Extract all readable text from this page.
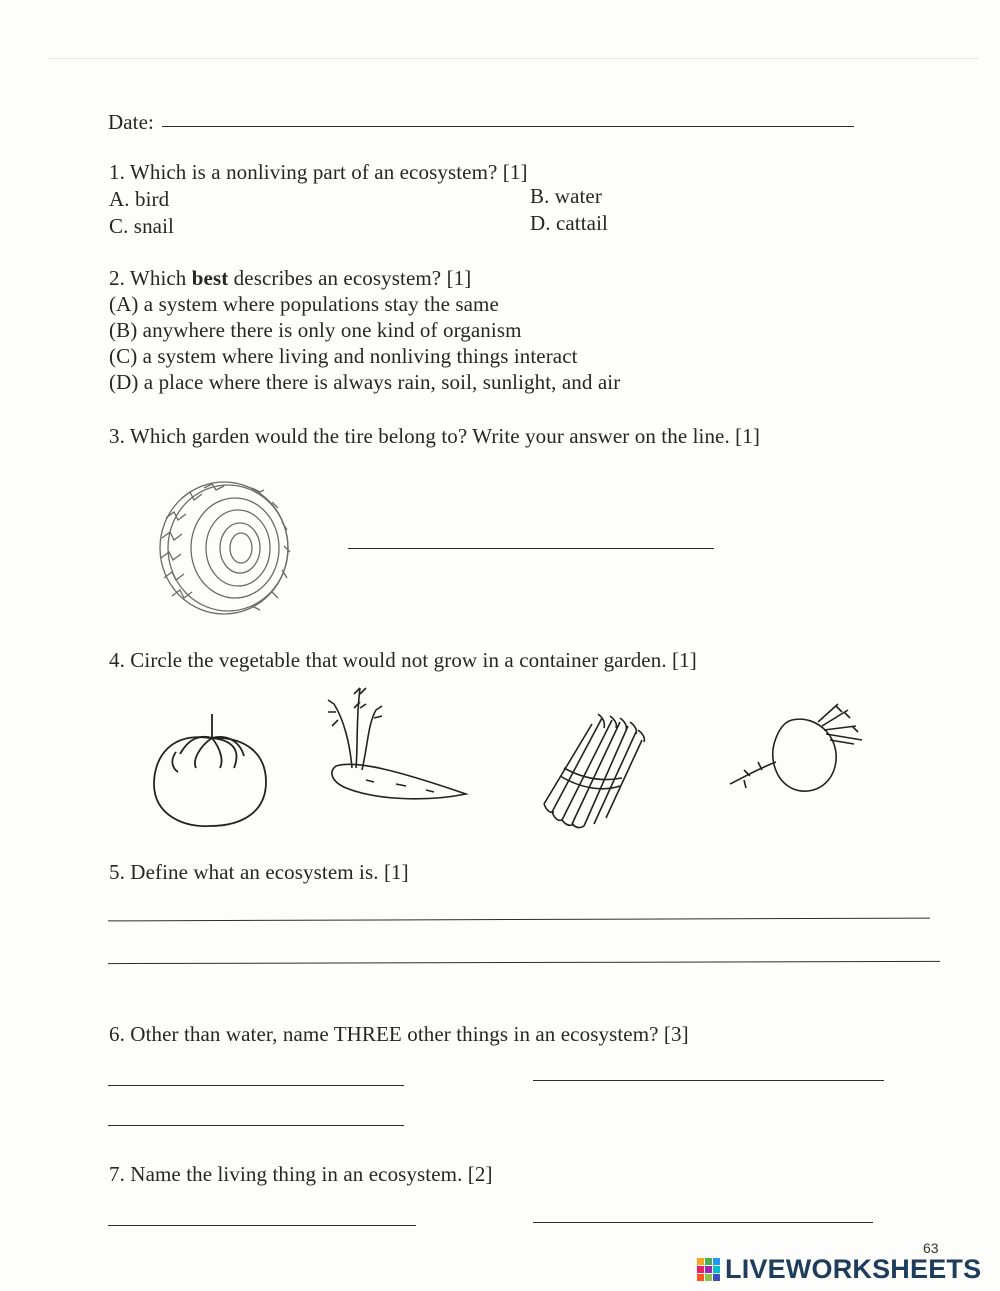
Date:
1. Which is a nonliving part of an ecosystem? [1]
A. bird	B. water
C. snail	D. cattail
2. Which best describes an ecosystem? [1]
(A) a system where populations stay the same
(B) anywhere there is only one kind of organism
(C) a system where living and nonliving things interact
(D) a place where there is always rain, soil, sunlight, and air
3. Which garden would the tire belong to? Write your answer on the line. [1]
4. Circle the vegetable that would not grow in a container garden. [1]
5. Define what an ecosystem is. [1]
6. Other than water, name THREE other things in an ecosystem? [3]
7. Name the living thing in an ecosystem. [2]
63
LIVEWORKSHEETS
